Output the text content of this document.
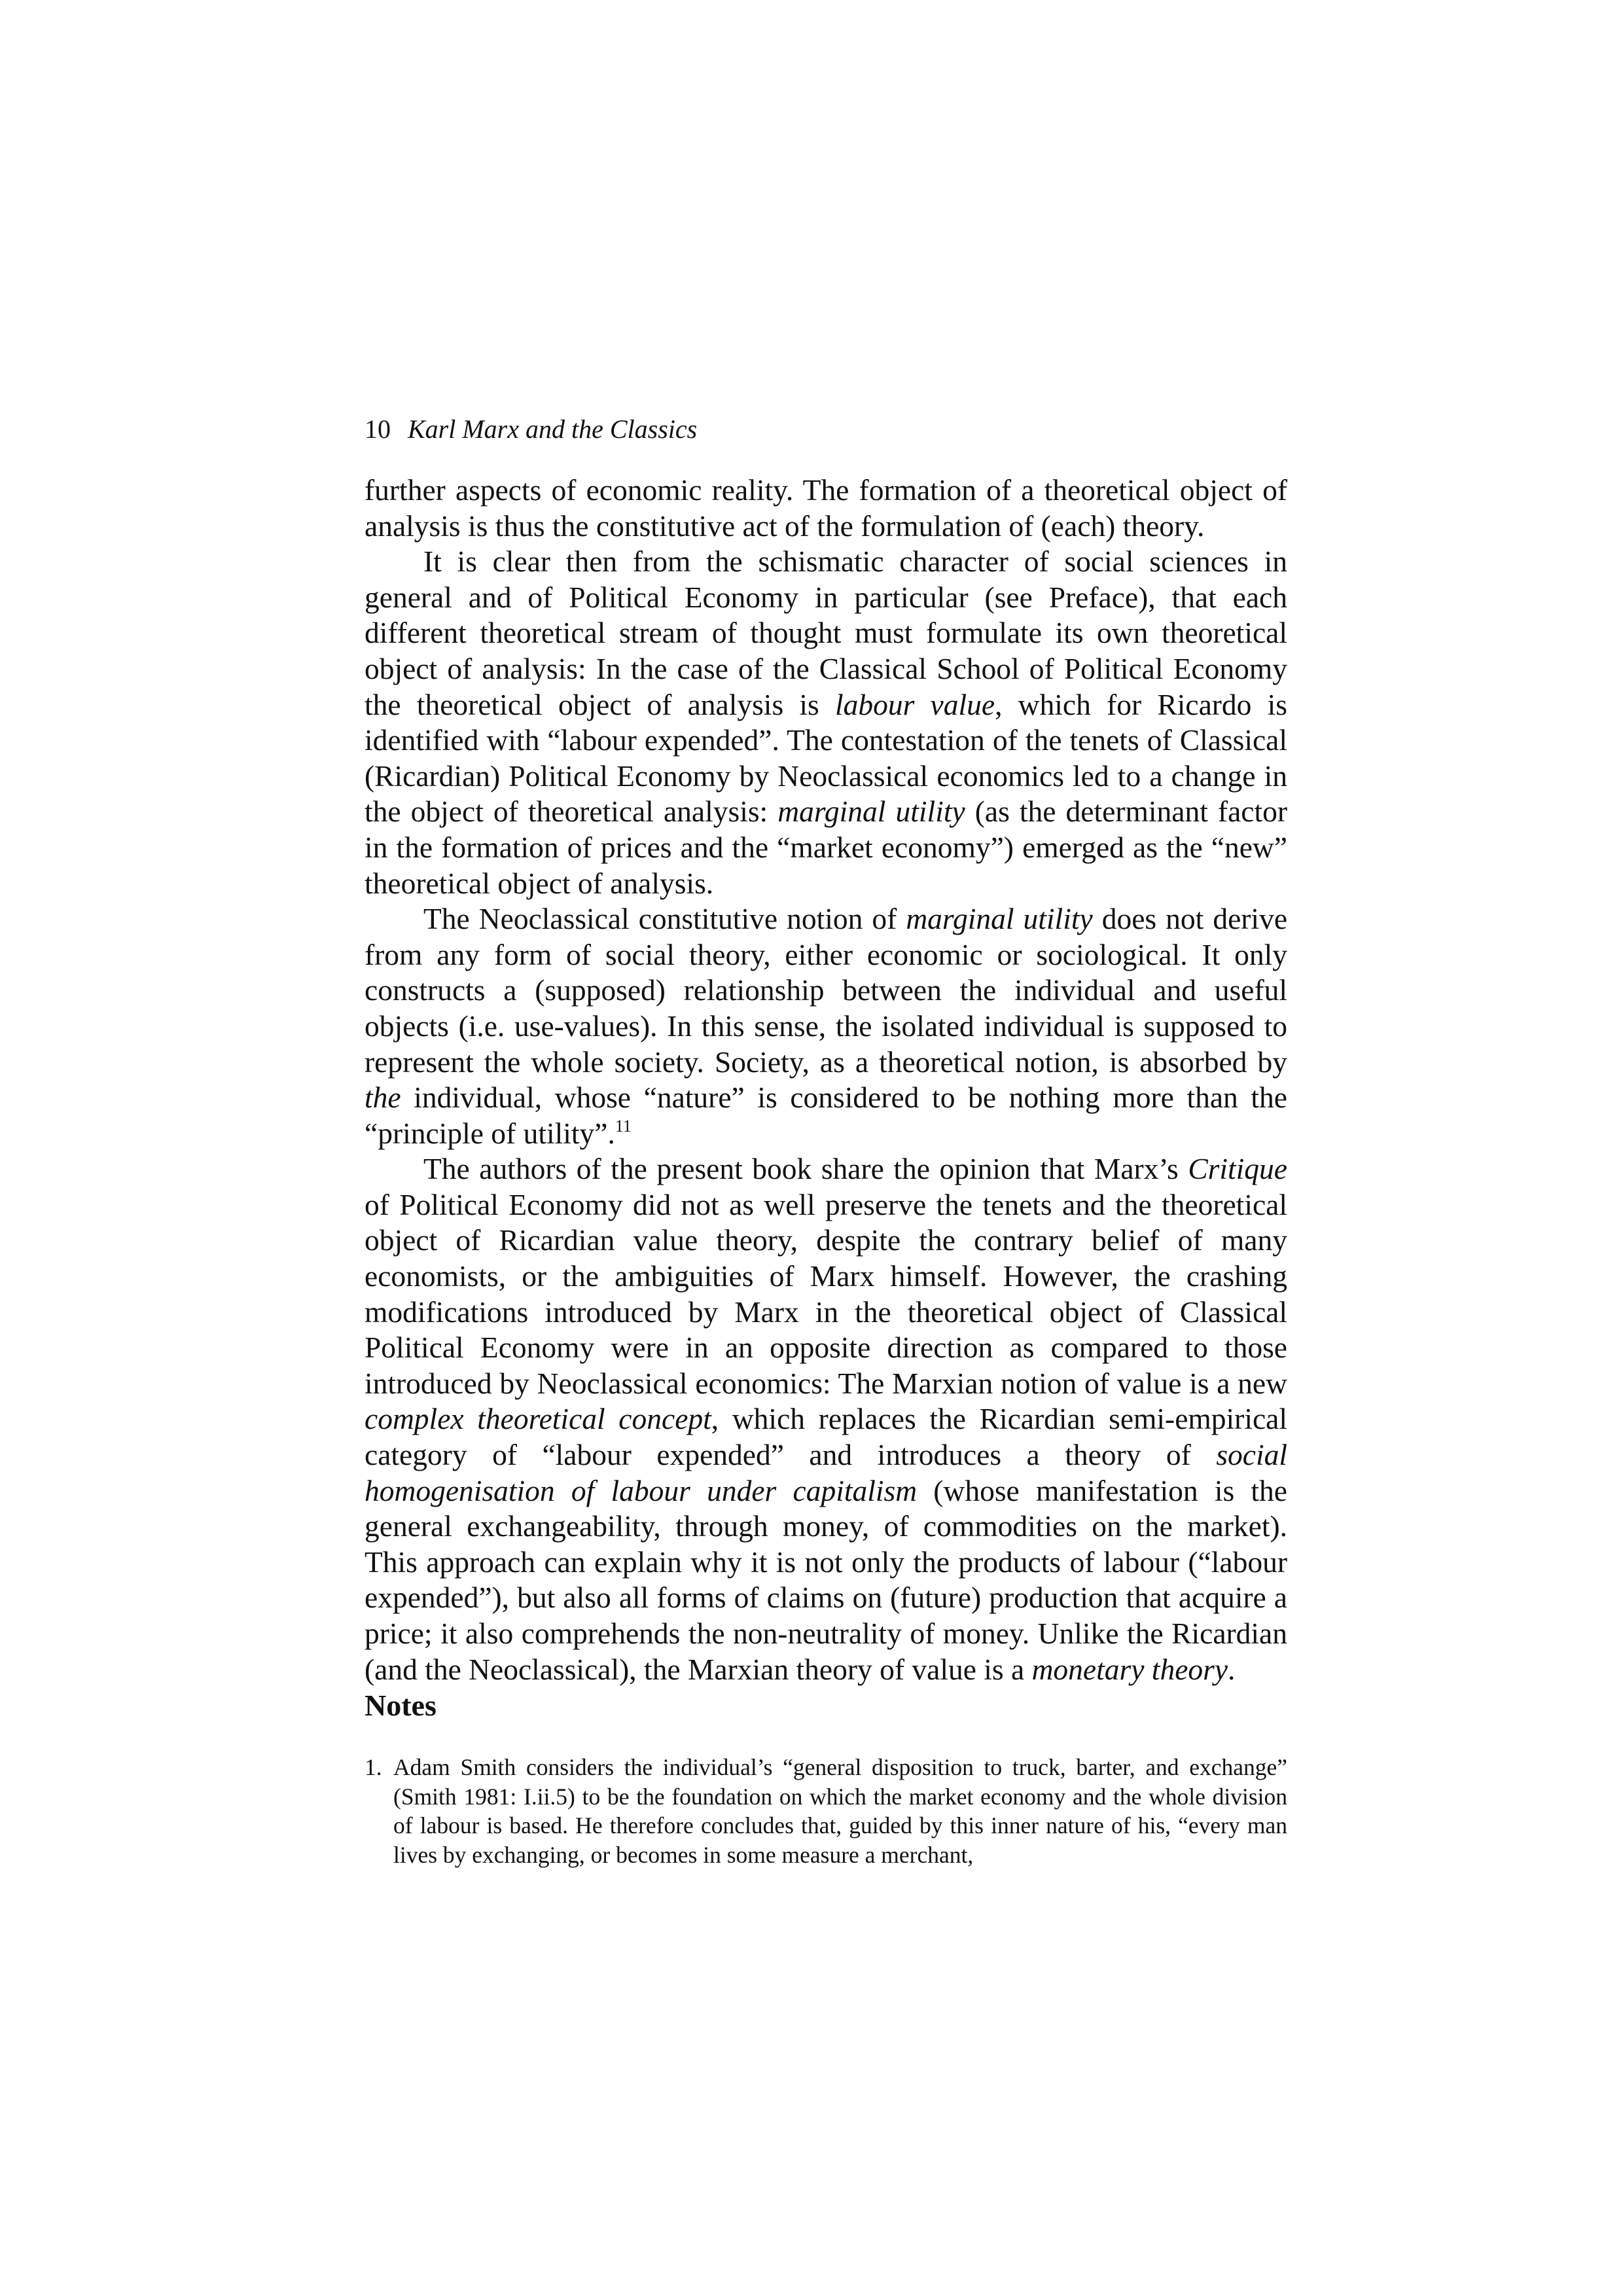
10 Karl Marx and the Classics

further aspects of economic reality. The formation of a theoretical object of analysis is thus the constitutive act of the formulation of (each) theory.

It is clear then from the schismatic character of social sciences in general and of Political Economy in particular (see Preface), that each different theoretical stream of thought must formulate its own theoretical object of analysis: In the case of the Classical School of Political Economy the theoretical object of analysis is labour value, which for Ricardo is identified with “labour expended”. The contestation of the tenets of Classical (Ricardian) Political Economy by Neoclassical economics led to a change in the object of theoretical analysis: marginal utility (as the determinant factor in the formation of prices and the “market economy”) emerged as the “new” theoretical object of analysis.

The Neoclassical constitutive notion of marginal utility does not derive from any form of social theory, either economic or sociological. It only constructs a (supposed) relationship between the individual and useful objects (i.e. use-values). In this sense, the isolated individual is supposed to represent the whole society. Society, as a theoretical notion, is absorbed by the individual, whose “nature” is considered to be nothing more than the “principle of utility”.$^{11}$

The authors of the present book share the opinion that Marx’s Critique of Political Economy did not as well preserve the tenets and the theoretical object of Ricardian value theory, despite the contrary belief of many economists, or the ambiguities of Marx himself. However, the crashing modifications introduced by Marx in the theoretical object of Classical Political Economy were in an opposite direction as compared to those introduced by Neoclassical economics: The Marxian notion of value is a new complex theoretical concept, which replaces the Ricardian semi-empirical category of “labour expended” and introduces a theory of social homogenisation of labour under capitalism (whose manifestation is the general exchangeability, through money, of commodities on the market). This approach can explain why it is not only the products of labour (“labour expended”), but also all forms of claims on (future) production that acquire a price; it also comprehends the non-neutrality of money. Unlike the Ricardian (and the Neoclassical), the Marxian theory of value is a monetary theory.

Notes
1. Adam Smith considers the individual’s “general disposition to truck, barter, and exchange” (Smith 1981: I.ii.5) to be the foundation on which the market economy and the whole division of labour is based. He therefore concludes that, guided by this inner nature of his, “every man lives by exchanging, or becomes in some measure a merchant,
